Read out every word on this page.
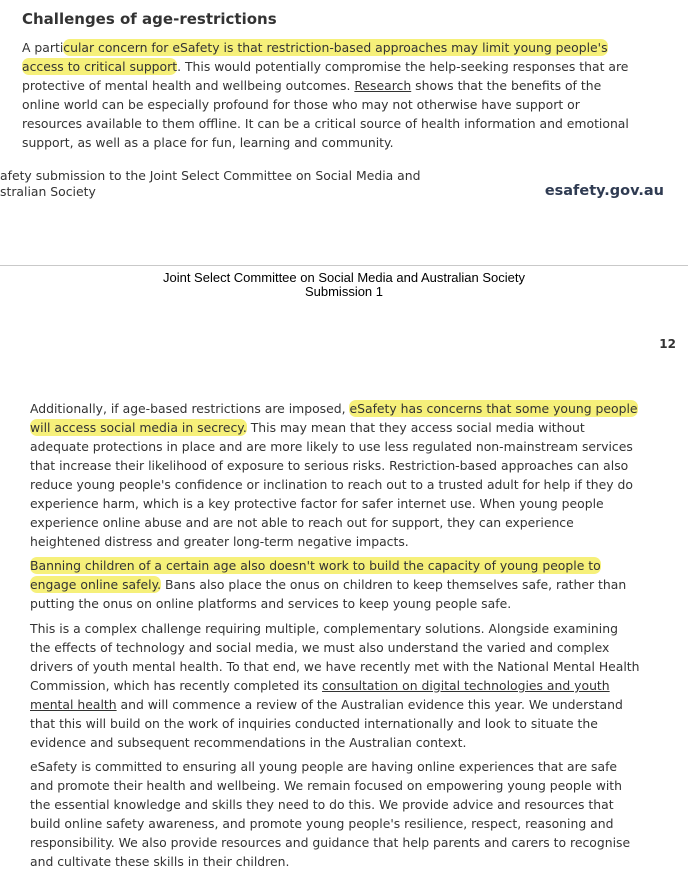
Challenges of age-restrictions
A particular concern for eSafety is that restriction-based approaches may limit young people's access to critical support. This would potentially compromise the help-seeking responses that are protective of mental health and wellbeing outcomes. Research shows that the benefits of the online world can be especially profound for those who may not otherwise have support or resources available to them offline. It can be a critical source of health information and emotional support, as well as a place for fun, learning and community.
afety submission to the Joint Select Committee on Social Media and
stralian Society	esafety.gov.au
Joint Select Committee on Social Media and Australian Society
Submission 1
12
Additionally, if age-based restrictions are imposed, eSafety has concerns that some young people will access social media in secrecy. This may mean that they access social media without adequate protections in place and are more likely to use less regulated non-mainstream services that increase their likelihood of exposure to serious risks. Restriction-based approaches can also reduce young people's confidence or inclination to reach out to a trusted adult for help if they do experience harm, which is a key protective factor for safer internet use. When young people experience online abuse and are not able to reach out for support, they can experience heightened distress and greater long-term negative impacts.
Banning children of a certain age also doesn't work to build the capacity of young people to engage online safely. Bans also place the onus on children to keep themselves safe, rather than putting the onus on online platforms and services to keep young people safe.
This is a complex challenge requiring multiple, complementary solutions. Alongside examining the effects of technology and social media, we must also understand the varied and complex drivers of youth mental health. To that end, we have recently met with the National Mental Health Commission, which has recently completed its consultation on digital technologies and youth mental health and will commence a review of the Australian evidence this year. We understand that this will build on the work of inquiries conducted internationally and look to situate the evidence and subsequent recommendations in the Australian context.
eSafety is committed to ensuring all young people are having online experiences that are safe and promote their health and wellbeing. We remain focused on empowering young people with the essential knowledge and skills they need to do this. We provide advice and resources that build online safety awareness, and promote young people's resilience, respect, reasoning and responsibility. We also provide resources and guidance that help parents and carers to recognise and cultivate these skills in their children.
